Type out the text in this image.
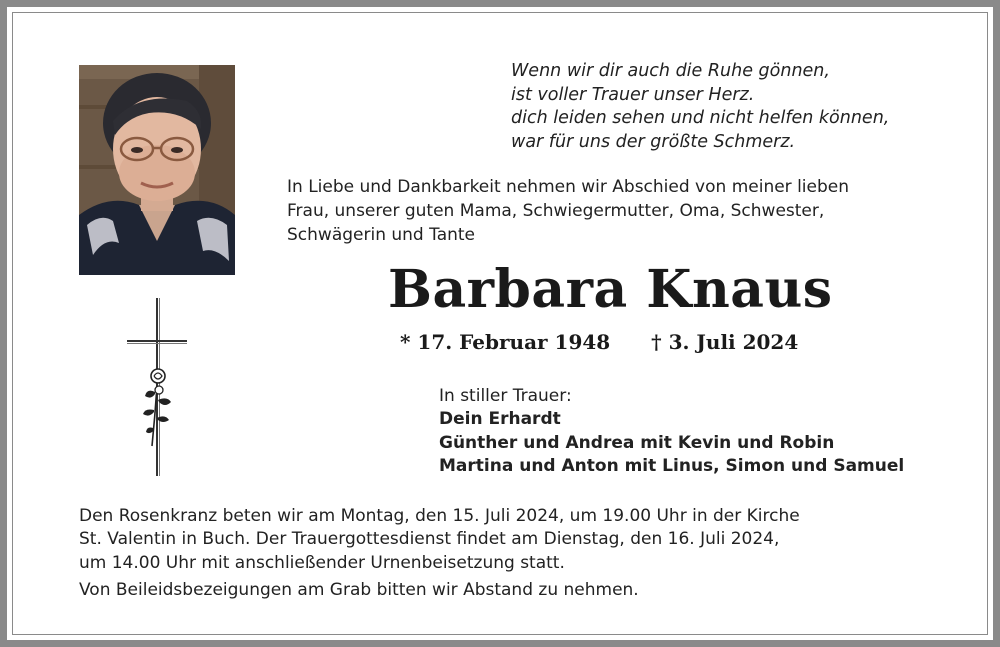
Wenn wir dir auch die Ruhe gönnen,
ist voller Trauer unser Herz.
dich leiden sehen und nicht helfen können,
war für uns der größte Schmerz.
In Liebe und Dankbarkeit nehmen wir Abschied von meiner lieben
Frau, unserer guten Mama, Schwiegermutter, Oma, Schwester,
Schwägerin und Tante
Barbara Knaus
* 17. Februar 1948 † 3. Juli 2024
In stiller Trauer:
Dein Erhardt
Günther und Andrea mit Kevin und Robin
Martina und Anton mit Linus, Simon und Samuel
Den Rosenkranz beten wir am Montag, den 15. Juli 2024, um 19.00 Uhr in der Kirche
St. Valentin in Buch. Der Trauergottesdienst findet am Dienstag, den 16. Juli 2024,
um 14.00 Uhr mit anschließender Urnenbeisetzung statt.
Von Beileidsbezeigungen am Grab bitten wir Abstand zu nehmen.
